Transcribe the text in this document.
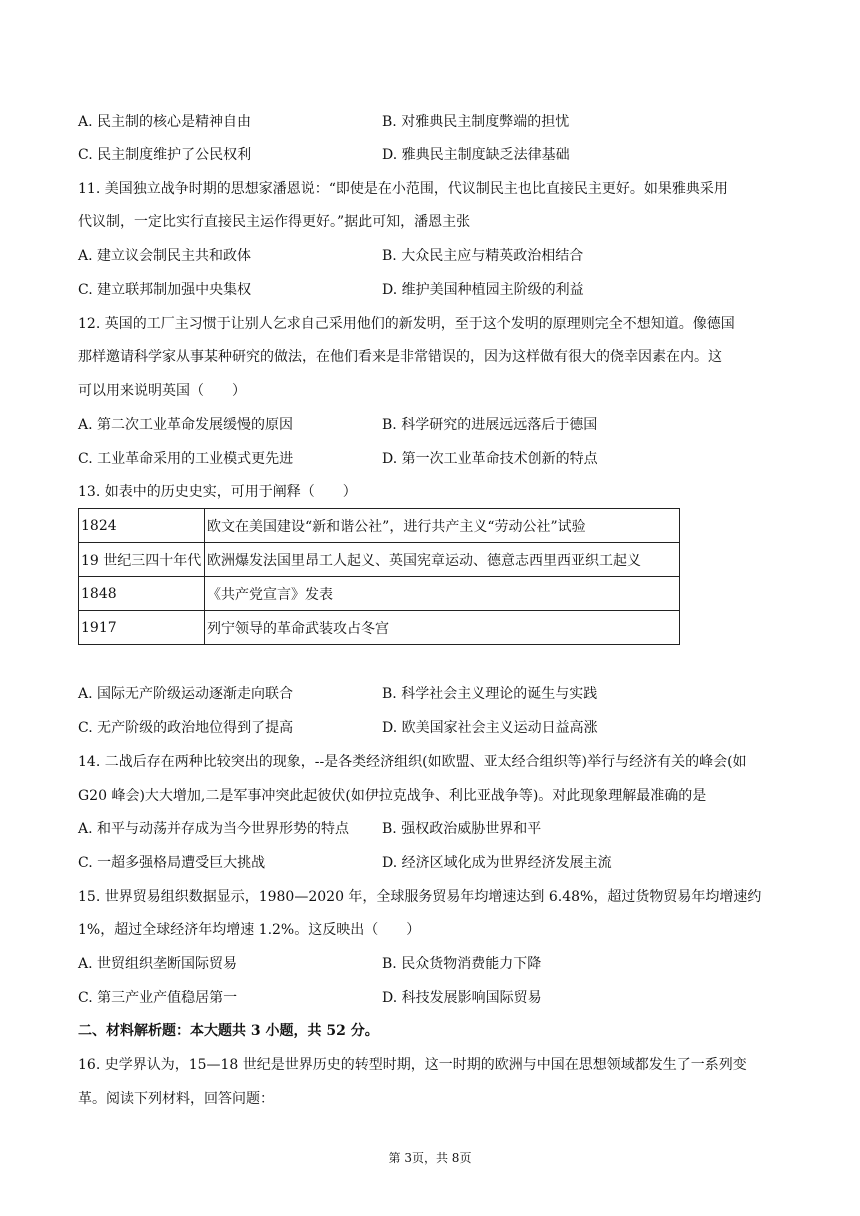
A. 民主制的核心是精神自由	B. 对雅典民主制度弊端的担忧
C. 民主制度维护了公民权利	D. 雅典民主制度缺乏法律基础
11. 美国独立战争时期的思想家潘恩说：“即使是在小范围，代议制民主也比直接民主更好。如果雅典采用
代议制，一定比实行直接民主运作得更好。”据此可知，潘恩主张
A. 建立议会制民主共和政体	B. 大众民主应与精英政治相结合
C. 建立联邦制加强中央集权	D. 维护美国种植园主阶级的利益
12. 英国的工厂主习惯于让别人乞求自己采用他们的新发明，至于这个发明的原理则完全不想知道。像德国
那样邀请科学家从事某种研究的做法，在他们看来是非常错误的，因为这样做有很大的侥幸因素在内。这
可以用来说明英国（　　）
A. 第二次工业革命发展缓慢的原因	B. 科学研究的进展远远落后于德国
C. 工业革命采用的工业模式更先进	D. 第一次工业革命技术创新的特点
13. 如表中的历史史实，可用于阐释（　　）
1824	欧文在美国建设“新和谐公社”，进行共产主义“劳动公社”试验
19 世纪三四十年代	欧洲爆发法国里昂工人起义、英国宪章运动、德意志西里西亚织工起义
1848	《共产党宣言》发表
1917	列宁领导的革命武装攻占冬宫
A. 国际无产阶级运动逐渐走向联合	B. 科学社会主义理论的诞生与实践
C. 无产阶级的政治地位得到了提高	D. 欧美国家社会主义运动日益高涨
14. 二战后存在两种比较突出的现象，--是各类经济组织(如欧盟、亚太经合组织等)举行与经济有关的峰会(如
G20 峰会)大大增加,二是军事冲突此起彼伏(如伊拉克战争、利比亚战争等)。对此现象理解最准确的是
A. 和平与动荡并存成为当今世界形势的特点 B. 强权政治威胁世界和平
C. 一超多强格局遭受巨大挑战	D. 经济区域化成为世界经济发展主流
15. 世界贸易组织数据显示，1980—2020 年，全球服务贸易年均增速达到 6.48%，超过货物贸易年均增速约
1%，超过全球经济年均增速 1.2%。这反映出（　　）
A. 世贸组织垄断国际贸易	B. 民众货物消费能力下降
C. 第三产业产值稳居第一	D. 科技发展影响国际贸易
二、材料解析题：本大题共 3 小题，共 52 分。
16. 史学界认为，15—18 世纪是世界历史的转型时期，这一时期的欧洲与中国在思想领域都发生了一系列变
革。阅读下列材料，回答问题：
第 3页，共 8页
